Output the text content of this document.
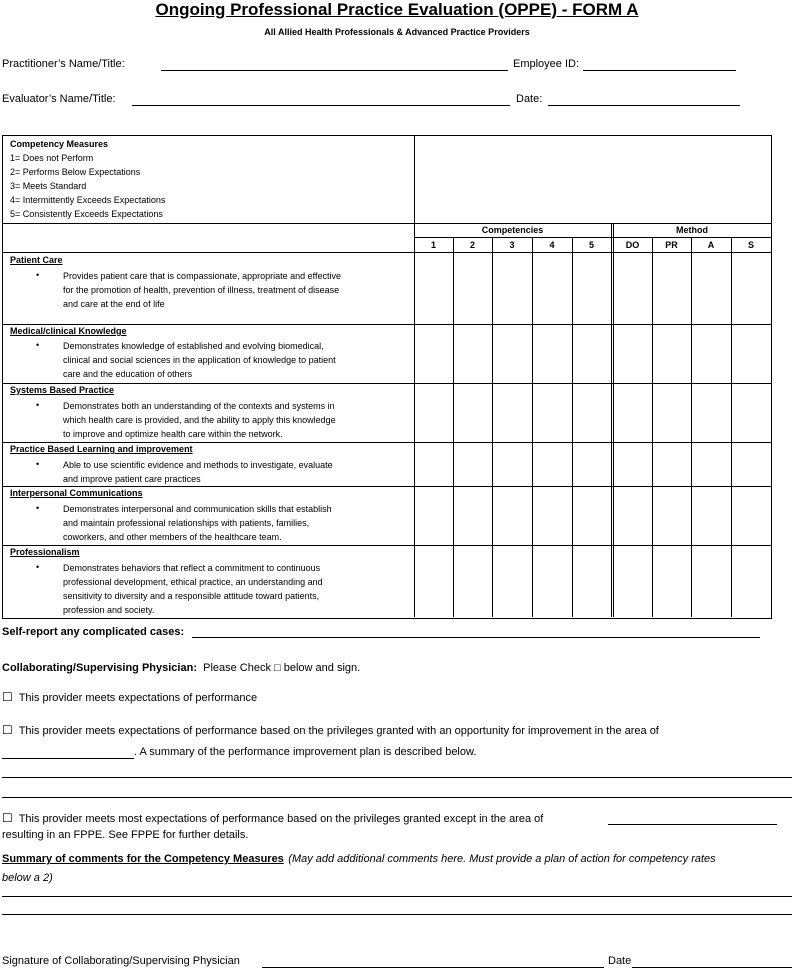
Ongoing Professional Practice Evaluation (OPPE) - FORM A
All Allied Health Professionals & Advanced Practice Providers
Practitioner’s Name/Title:	Employee ID:
Evaluator’s Name/Title:	Date:
Competency Measures
1= Does not Perform
2= Performs Below Expectations
3= Meets Standard
4= Intermittently Exceeds Expectations
5= Consistently Exceeds Expectations
Competencies	Method
1	2	3	4	5	DO	PR	A	S
Patient Care
•	Provides patient care that is compassionate, appropriate and effective
for the promotion of health, prevention of illness, treatment of disease
and care at the end of life
Medical/clinical Knowledge
•	Demonstrates knowledge of established and evolving biomedical,
clinical and social sciences in the application of knowledge to patient
care and the education of others
Systems Based Practice
•	Demonstrates both an understanding of the contexts and systems in
which health care is provided, and the ability to apply this knowledge
to improve and optimize health care within the network.
Practice Based Learning and improvement
•	Able to use scientific evidence and methods to investigate, evaluate
and improve patient care practices
Interpersonal Communications
•	Demonstrates interpersonal and communication skills that establish
and maintain professional relationships with patients, families,
coworkers, and other members of the healthcare team.
Professionalism
•	Demonstrates behaviors that reflect a commitment to continuous
professional development, ethical practice, an understanding and
sensitivity to diversity and a responsible attitude toward patients,
profession and society.
Self-report any complicated cases:
Collaborating/Supervising Physician: Please Check □ below and sign.
☐ This provider meets expectations of performance
☐ This provider meets expectations of performance based on the privileges granted with an opportunity for improvement in the area of
. A summary of the performance improvement plan is described below.
☐ This provider meets most expectations of performance based on the privileges granted except in the area of
resulting in an FPPE. See FPPE for further details.
Summary of comments for the Competency Measures (May add additional comments here. Must provide a plan of action for competency rates
below a 2)
Signature of Collaborating/Supervising Physician	Date
